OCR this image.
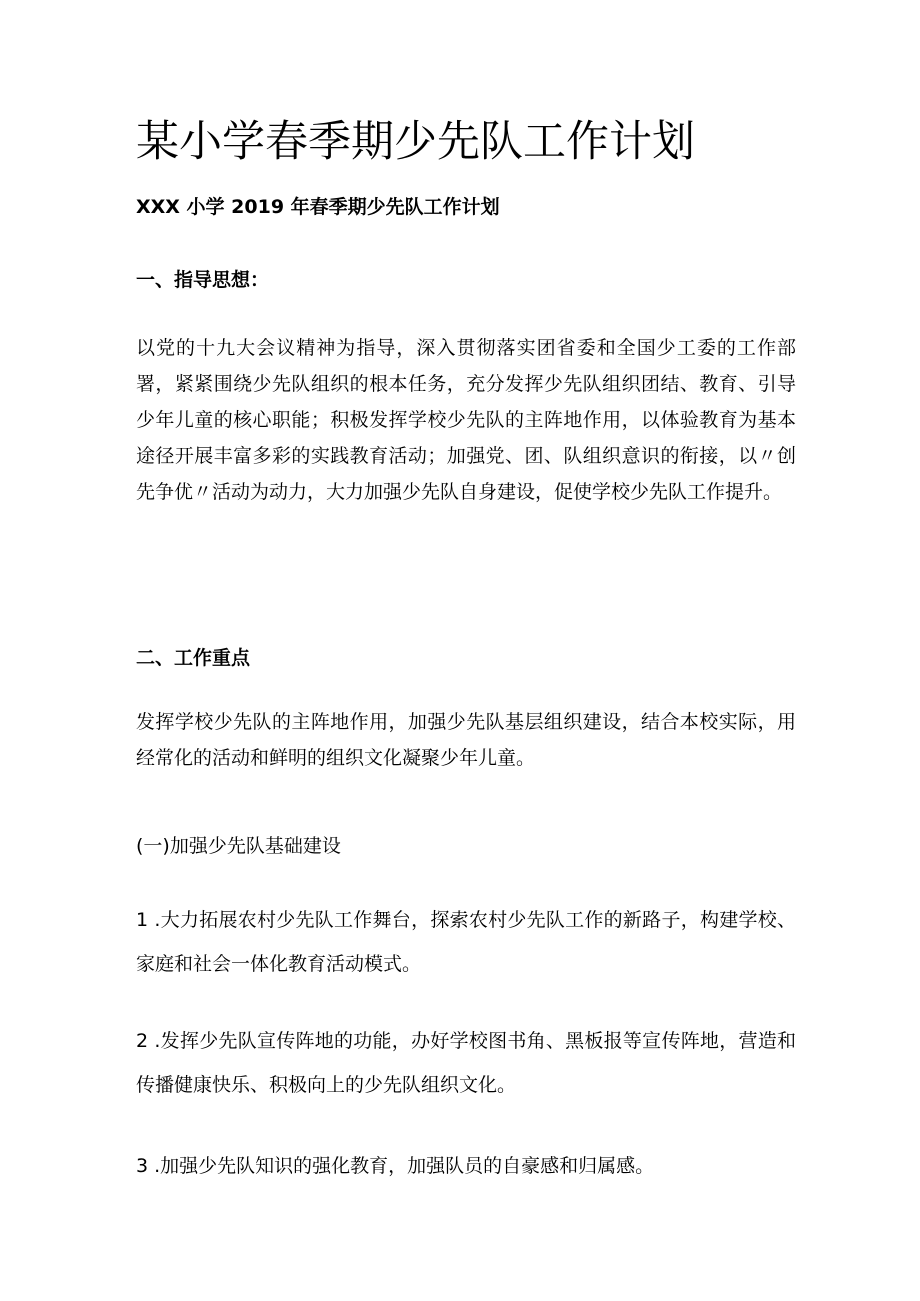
某小学春季期少先队工作计划

XXX 小学 2019 年春季期少先队工作计划

一、指导思想：

以党的十九大会议精神为指导，深入贯彻落实团省委和全国少工委的工作部署，紧紧围绕少先队组织的根本任务，充分发挥少先队组织团结、教育、引导少年儿童的核心职能；积极发挥学校少先队的主阵地作用，以体验教育为基本途径开展丰富多彩的实践教育活动；加强党、团、队组织意识的衔接，以〃创先争优〃活动为动力，大力加强少先队自身建设，促使学校少先队工作提升。

二、工作重点

发挥学校少先队的主阵地作用，加强少先队基层组织建设，结合本校实际，用经常化的活动和鲜明的组织文化凝聚少年儿童。

(一)加强少先队基础建设

1 .大力拓展农村少先队工作舞台，探索农村少先队工作的新路子，构建学校、家庭和社会一体化教育活动模式。

2 .发挥少先队宣传阵地的功能，办好学校图书角、黑板报等宣传阵地，营造和传播健康快乐、积极向上的少先队组织文化。

3 .加强少先队知识的强化教育，加强队员的自豪感和归属感。
